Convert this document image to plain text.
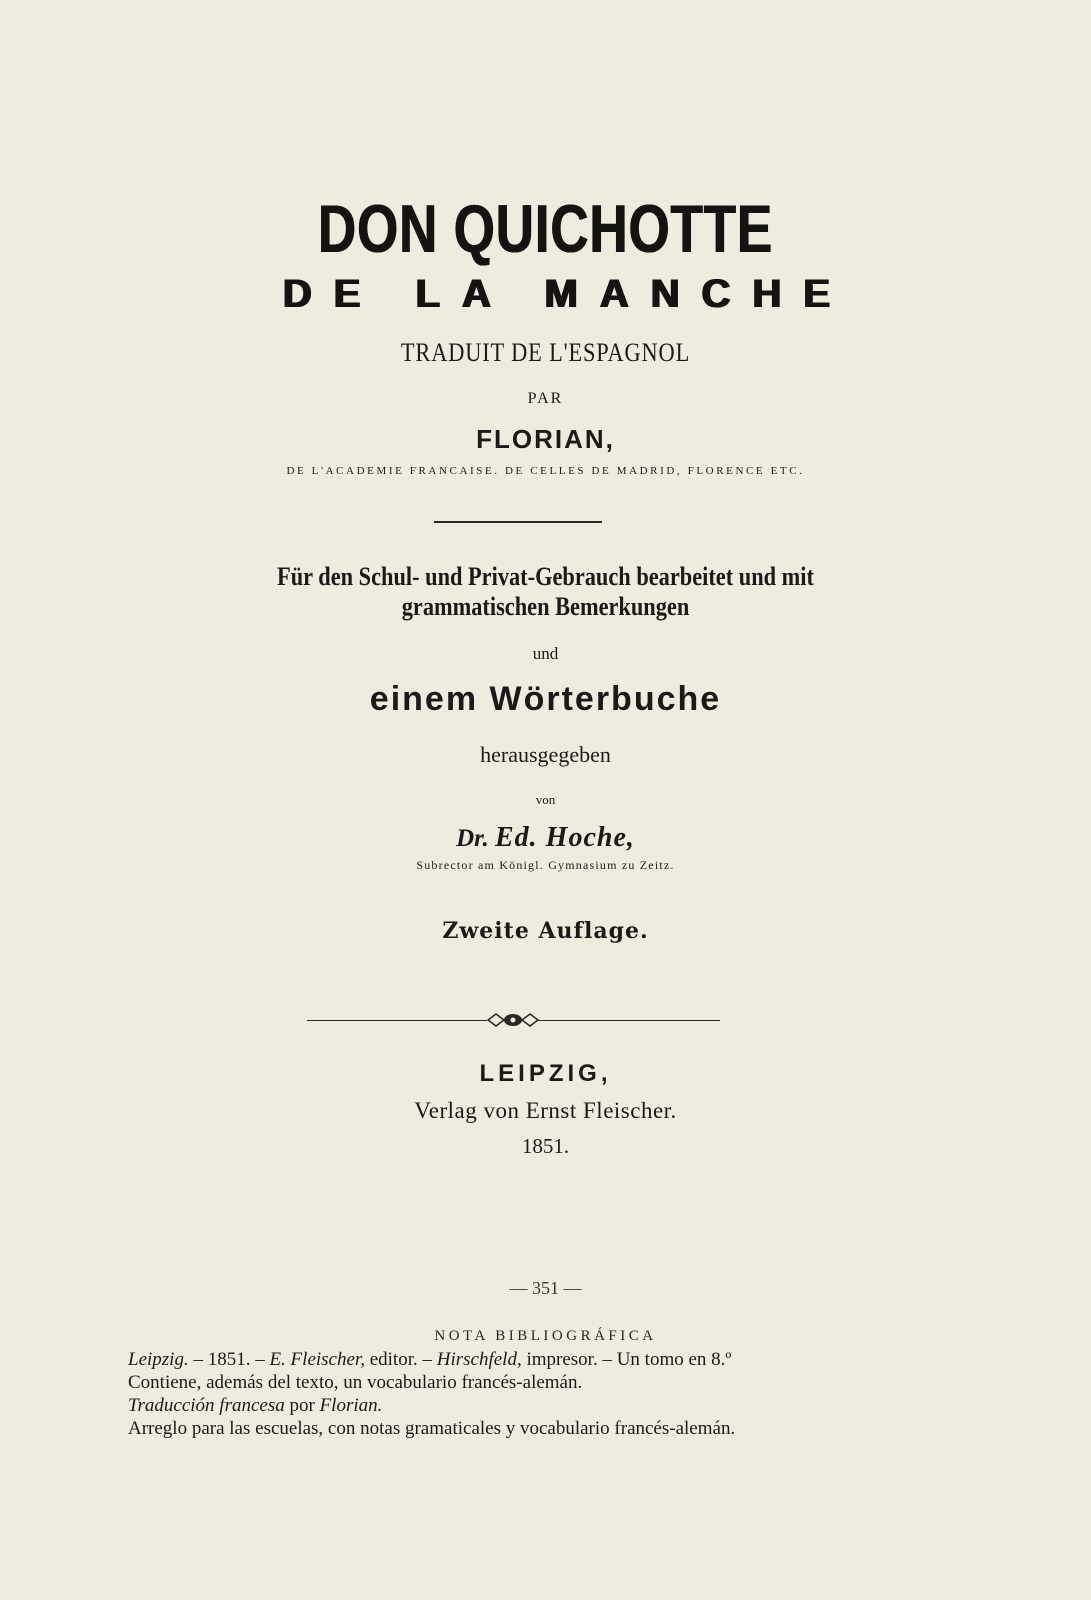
DON QUICHOTTE
DE LA MANCHE
TRADUIT DE L'ESPAGNOL
PAR
FLORIAN,
DE L'ACADEMIE FRANCAISE. DE CELLES DE MADRID, FLORENCE ETC.
Für den Schul- und Privat-Gebrauch bearbeitet und mit
grammatischen Bemerkungen
und
einem Wörterbuche
herausgegeben
von
Dr. Ed. Hoche,
Subrector am Königl. Gymnasium zu Zeitz.
Zweite Auflage.
LEIPZIG,
Verlag von Ernst Fleischer.
1851.
— 351 —
NOTA BIBLIOGRÁFICA
Leipzig. – 1851. – E. Fleischer, editor. – Hirschfeld, impresor. – Un tomo en 8.º
Contiene, además del texto, un vocabulario francés-alemán.
Traducción francesa por Florian.
Arreglo para las escuelas, con notas gramaticales y vocabulario francés-alemán.
